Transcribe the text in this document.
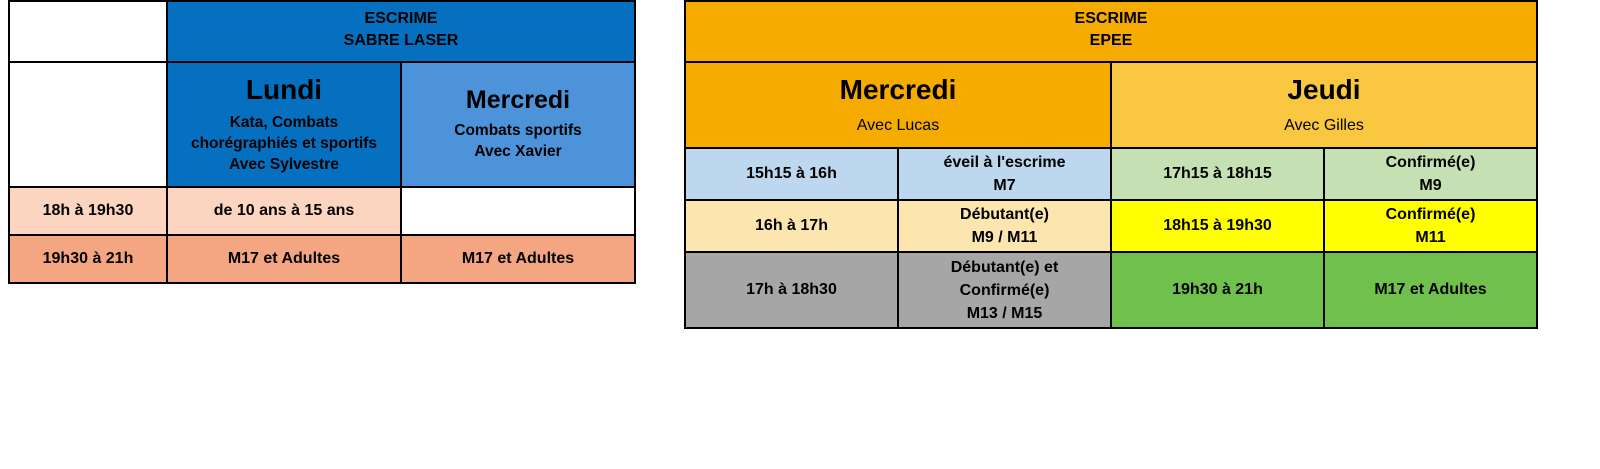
	ESCRIME
SABRE LASER	

	Lundi
Kata, Combats
chorégraphiés et sportifs
Avec Sylvestre	Mercredi
Combats sportifs
Avec Xavier

18h à 19h30	de 10 ans à 15 ans	
19h30 à 21h	M17 et Adultes	M17 et Adultes
ESCRIME
EPEE			

Mercredi
Avec Lucas		Jeudi
Avec Gilles	

15h15 à 16h	éveil à l'escrime
M7	17h15 à 18h15	Confirmé(e)
M9
16h à 17h	Débutant(e)
M9 / M11	18h15 à 19h30	Confirmé(e)
M11
17h à 18h30	Débutant(e) et
Confirmé(e)
M13 / M15	19h30 à 21h	M17 et Adultes
